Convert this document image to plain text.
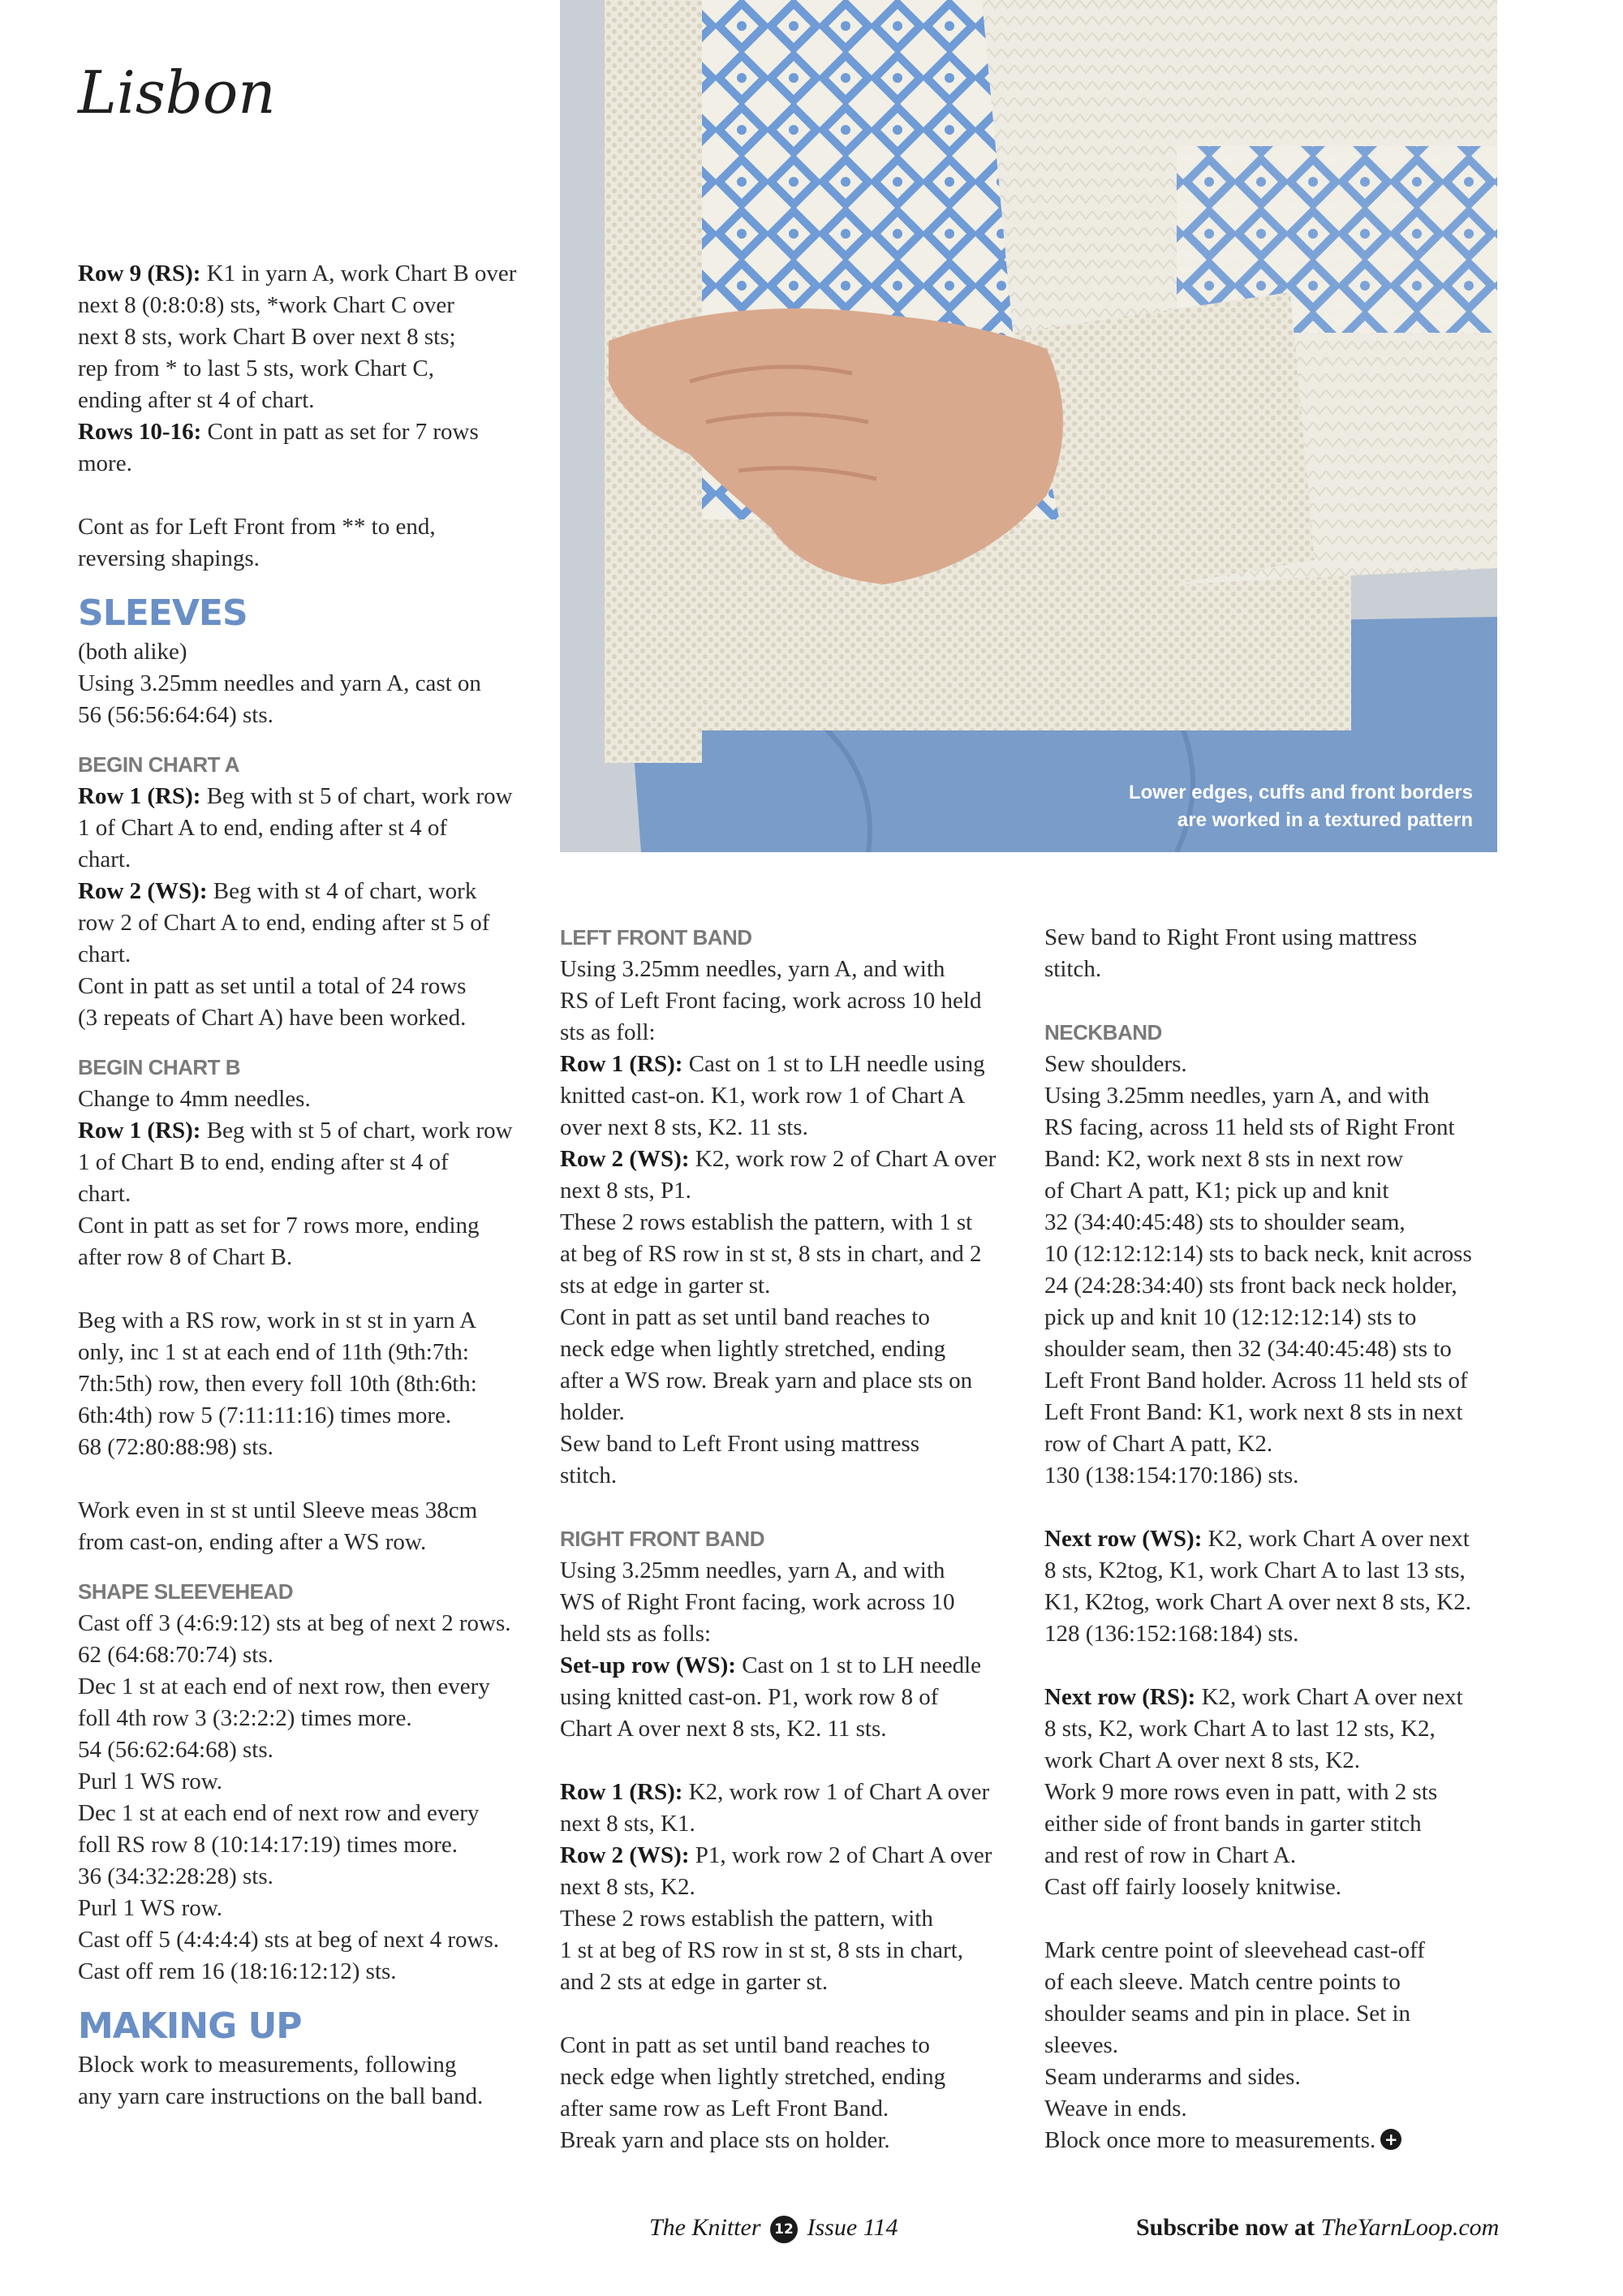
Lisbon
Lower edges, cuffs and front borders
are worked in a textured pattern

Row 9 (RS): K1 in yarn A, work Chart B over
next 8 (0:8:0:8) sts, *work Chart C over
next 8 sts, work Chart B over next 8 sts;
rep from * to last 5 sts, work Chart C,
ending after st 4 of chart.

Rows 10-16: Cont in patt as set for 7 rows
more.

Cont as for Left Front from ** to end,
reversing shapings.

SLEEVES

(both alike)
Using 3.25mm needles and yarn A, cast on
56 (56:56:64:64) sts.

BEGIN CHART A

Row 1 (RS): Beg with st 5 of chart, work row
1 of Chart A to end, ending after st 4 of
chart.

Row 2 (WS): Beg with st 4 of chart, work
row 2 of Chart A to end, ending after st 5 of
chart.
Cont in patt as set until a total of 24 rows
(3 repeats of Chart A) have been worked.

BEGIN CHART B

Change to 4mm needles.

Row 1 (RS): Beg with st 5 of chart, work row
1 of Chart B to end, ending after st 4 of
chart.
Cont in patt as set for 7 rows more, ending
after row 8 of Chart B.

Beg with a RS row, work in st st in yarn A
only, inc 1 st at each end of 11th (9th:7th:
7th:5th) row, then every foll 10th (8th:6th:
6th:4th) row 5 (7:11:11:16) times more.
68 (72:80:88:98) sts.

Work even in st st until Sleeve meas 38cm
from cast-on, ending after a WS row.

SHAPE SLEEVEHEAD

Cast off 3 (4:6:9:12) sts at beg of next 2 rows.
62 (64:68:70:74) sts.
Dec 1 st at each end of next row, then every
foll 4th row 3 (3:2:2:2) times more.
54 (56:62:64:68) sts.
Purl 1 WS row.
Dec 1 st at each end of next row and every
foll RS row 8 (10:14:17:19) times more.
36 (34:32:28:28) sts.
Purl 1 WS row.
Cast off 5 (4:4:4:4) sts at beg of next 4 rows.
Cast off rem 16 (18:16:12:12) sts.

MAKING UP

Block work to measurements, following
any yarn care instructions on the ball band.

LEFT FRONT BAND

Using 3.25mm needles, yarn A, and with
RS of Left Front facing, work across 10 held
sts as foll:

Row 1 (RS): Cast on 1 st to LH needle using
knitted cast-on. K1, work row 1 of Chart A
over next 8 sts, K2. 11 sts.

Row 2 (WS): K2, work row 2 of Chart A over
next 8 sts, P1.
These 2 rows establish the pattern, with 1 st
at beg of RS row in st st, 8 sts in chart, and 2
sts at edge in garter st.
Cont in patt as set until band reaches to
neck edge when lightly stretched, ending
after a WS row. Break yarn and place sts on
holder.
Sew band to Left Front using mattress
stitch.

RIGHT FRONT BAND

Using 3.25mm needles, yarn A, and with
WS of Right Front facing, work across 10
held sts as folls:

Set-up row (WS): Cast on 1 st to LH needle
using knitted cast-on. P1, work row 8 of
Chart A over next 8 sts, K2. 11 sts.

Row 1 (RS): K2, work row 1 of Chart A over
next 8 sts, K1.

Row 2 (WS): P1, work row 2 of Chart A over
next 8 sts, K2.
These 2 rows establish the pattern, with
1 st at beg of RS row in st st, 8 sts in chart,
and 2 sts at edge in garter st.

Cont in patt as set until band reaches to
neck edge when lightly stretched, ending
after same row as Left Front Band.
Break yarn and place sts on holder.

Sew band to Right Front using mattress
stitch.

NECKBAND

Sew shoulders.
Using 3.25mm needles, yarn A, and with
RS facing, across 11 held sts of Right Front
Band: K2, work next 8 sts in next row
of Chart A patt, K1; pick up and knit
32 (34:40:45:48) sts to shoulder seam,
10 (12:12:12:14) sts to back neck, knit across
24 (24:28:34:40) sts front back neck holder,
pick up and knit 10 (12:12:12:14) sts to
shoulder seam, then 32 (34:40:45:48) sts to
Left Front Band holder. Across 11 held sts of
Left Front Band: K1, work next 8 sts in next
row of Chart A patt, K2.
130 (138:154:170:186) sts.

Next row (WS): K2, work Chart A over next
8 sts, K2tog, K1, work Chart A to last 13 sts,
K1, K2tog, work Chart A over next 8 sts, K2.
128 (136:152:168:184) sts.

Next row (RS): K2, work Chart A over next
8 sts, K2, work Chart A to last 12 sts, K2,
work Chart A over next 8 sts, K2.
Work 9 more rows even in patt, with 2 sts
either side of front bands in garter stitch
and rest of row in Chart A.
Cast off fairly loosely knitwise.

Mark centre point of sleevehead cast-off
of each sleeve. Match centre points to
shoulder seams and pin in place. Set in
sleeves.
Seam underarms and sides.
Weave in ends.
Block once more to measurements. +

The Knitter 12 Issue 114	Subscribe now at TheYarnLoop.com
